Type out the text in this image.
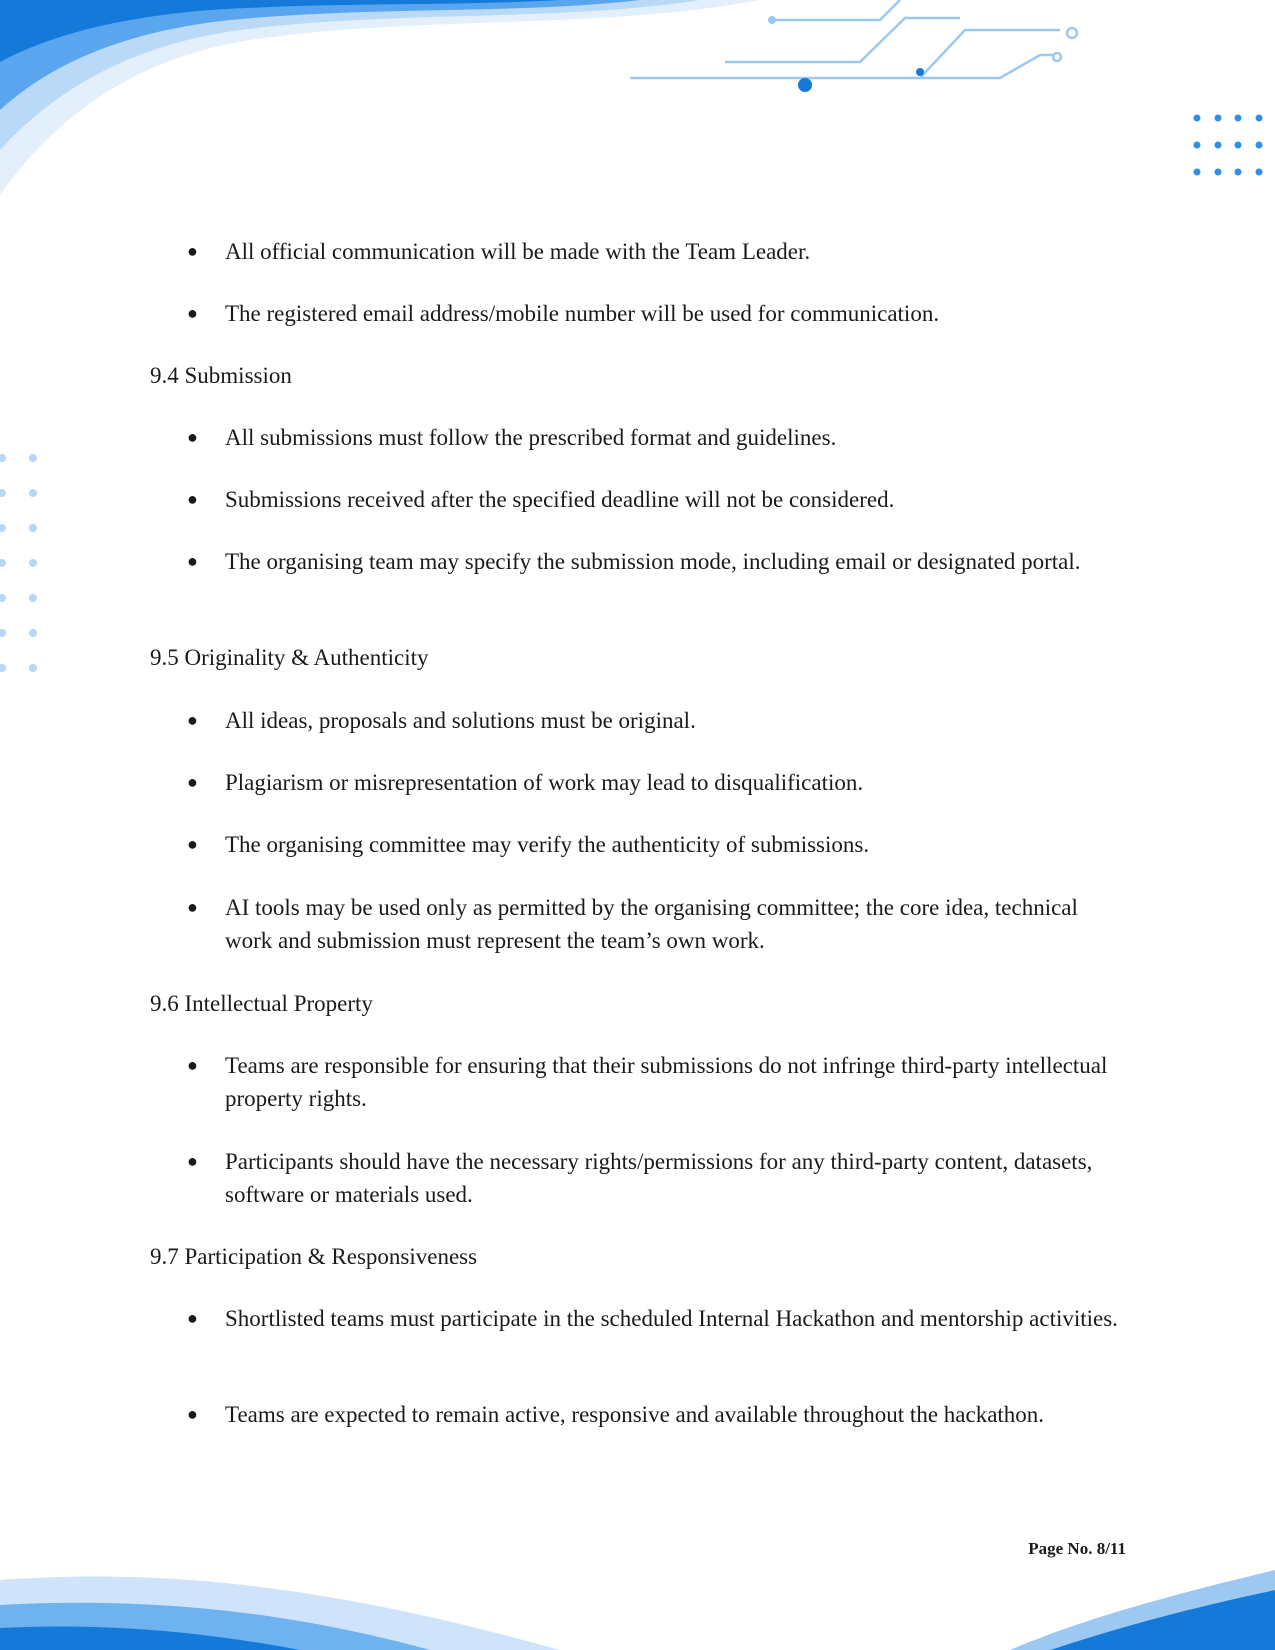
● All official communication will be made with the Team Leader.
● The registered email address/mobile number will be used for communication.
9.4 Submission
● All submissions must follow the prescribed format and guidelines.
● Submissions received after the specified deadline will not be considered.
● The organising team may specify the submission mode, including email or designated portal.
9.5 Originality & Authenticity
● All ideas, proposals and solutions must be original.
● Plagiarism or misrepresentation of work may lead to disqualification.
● The organising committee may verify the authenticity of submissions.
● AI tools may be used only as permitted by the organising committee; the core idea, technical work and submission must represent the team’s own work.
9.6 Intellectual Property
● Teams are responsible for ensuring that their submissions do not infringe third-party intellectual property rights.
● Participants should have the necessary rights/permissions for any third-party content, datasets, software or materials used.
9.7 Participation & Responsiveness
● Shortlisted teams must participate in the scheduled Internal Hackathon and mentorship activities.
● Teams are expected to remain active, responsive and available throughout the hackathon.
Page No. 8/11
